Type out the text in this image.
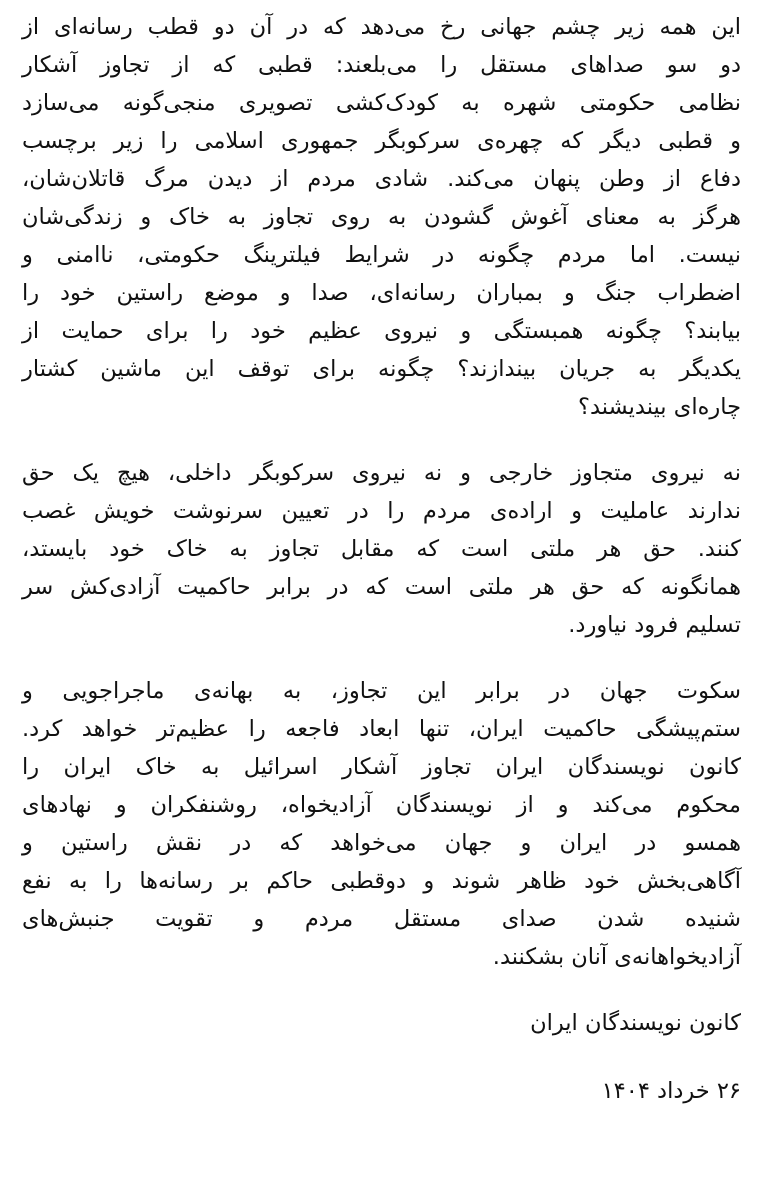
این همه زیر چشم جهانی رخ می‌دهد که در آن دو قطب رسانه‌ای از
دو سو صداهای مستقل را می‌بلعند: قطبی که از تجاوز آشکار
نظامی حکومتی شهره به کودک‌کشی تصویری منجی‌گونه می‌سازد
و قطبی دیگر که چهره‌ی سرکوبگر جمهوری اسلامی را زیر برچسب
دفاع از وطن پنهان می‌کند. شادی مردم از دیدن مرگ قاتلان‌شان،
هرگز به معنای آغوش گشودن به روی تجاوز به خاک و زندگی‌شان
نیست. اما مردم چگونه در شرایط فیلترینگ حکومتی، ناامنی و
اضطراب جنگ و بمباران رسانه‌ای، صدا و موضع راستین خود را
بیابند؟ چگونه همبستگی و نیروی عظیم خود را برای حمایت از
یکدیگر به جریان بیندازند؟ چگونه برای توقف این ماشین کشتار
چاره‌ای بیندیشند؟

نه نیروی متجاوز خارجی و نه نیروی سرکوبگر داخلی، هیچ یک حق
ندارند عاملیت و اراده‌ی مردم را در تعیین سرنوشت خویش غصب
کنند. حق هر ملتی است که مقابل تجاوز به خاک خود بایستد،
همانگونه که حق هر ملتی است که در برابر حاکمیت آزادی‌کش سر
تسلیم فرود نیاورد.

سکوت جهان در برابر این تجاوز، به بهانه‌ی ماجراجویی و
ستم‌پیشگی حاکمیت ایران، تنها ابعاد فاجعه را عظیم‌تر خواهد کرد.
کانون نویسندگان ایران تجاوز آشکار اسرائیل به خاک ایران را
محکوم می‌کند و از نویسندگان آزادیخواه، روشنفکران و نهادهای
همسو در ایران و جهان می‌خواهد که در نقش راستین و
آگاهی‌بخش خود ظاهر شوند و دوقطبی حاکم بر رسانه‌ها را به نفع
شنیده شدن صدای مستقل مردم و تقویت جنبش‌های
آزادیخواهانه‌ی آنان بشکنند.

کانون نویسندگان ایران

۲۶ خرداد ۱۴۰۴
